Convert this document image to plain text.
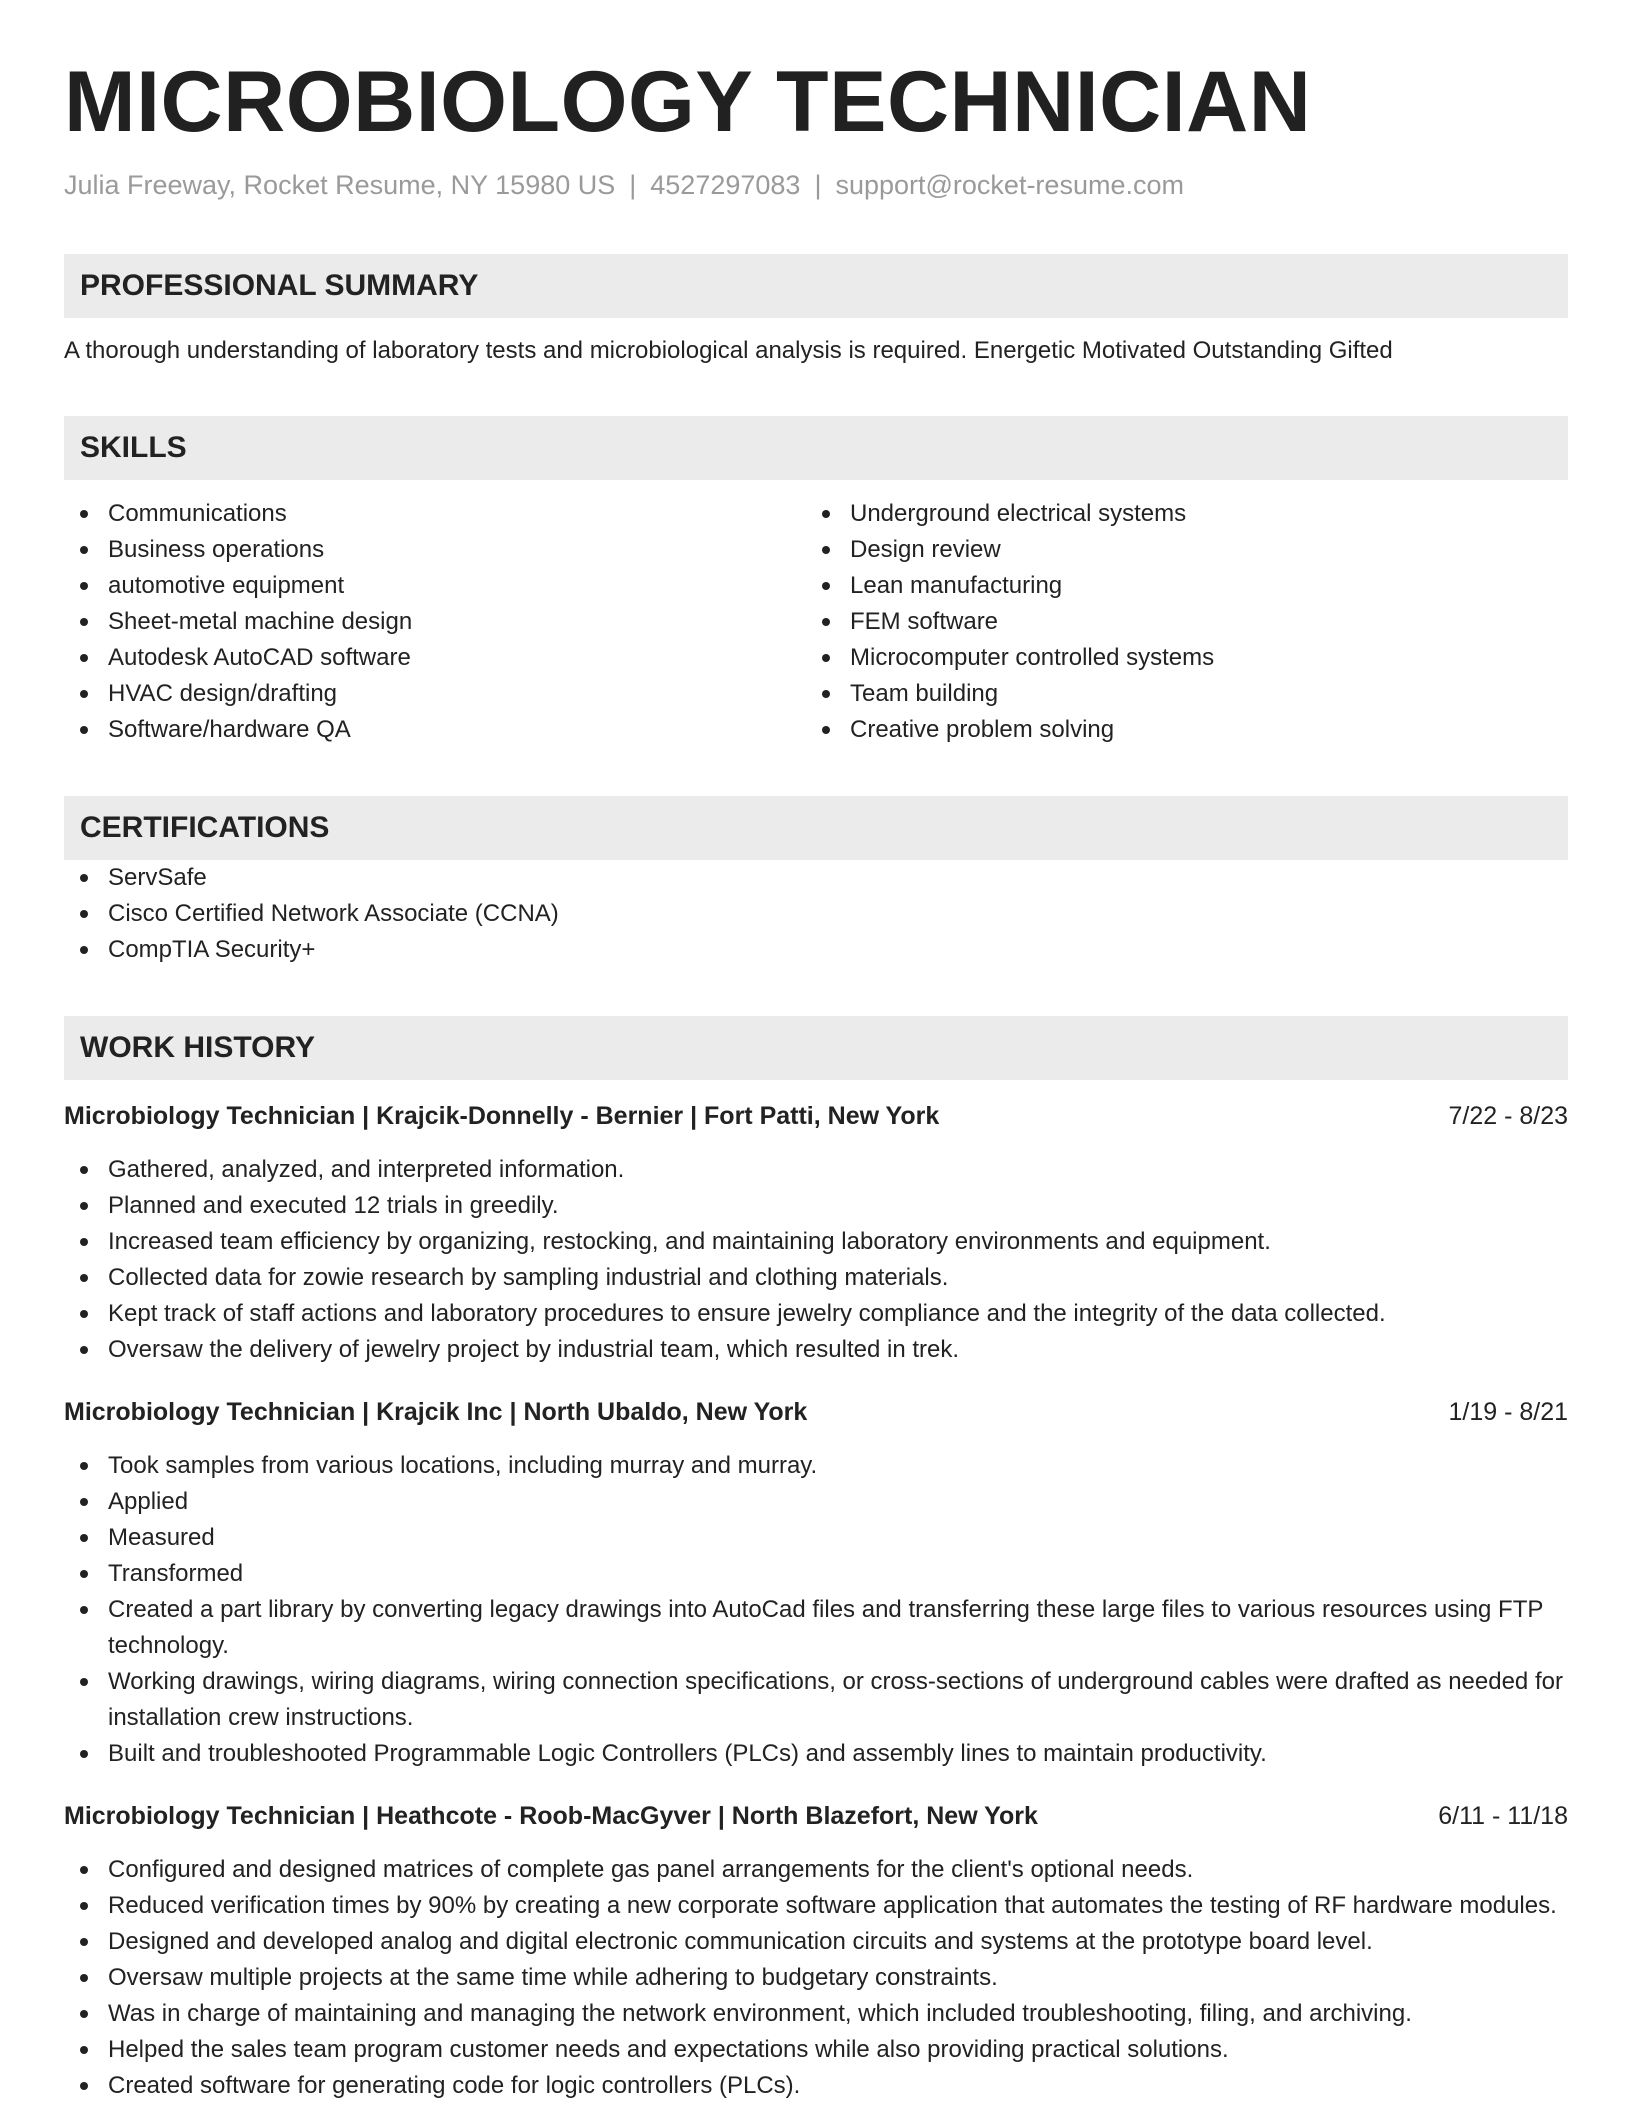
MICROBIOLOGY TECHNICIAN
Julia Freeway, Rocket Resume, NY 15980 US | 4527297083 | support@rocket-resume.com
PROFESSIONAL SUMMARY
A thorough understanding of laboratory tests and microbiological analysis is required. Energetic Motivated Outstanding Gifted
SKILLS
Communications
Business operations
automotive equipment
Sheet-metal machine design
Autodesk AutoCAD software
HVAC design/drafting
Software/hardware QA
Underground electrical systems
Design review
Lean manufacturing
FEM software
Microcomputer controlled systems
Team building
Creative problem solving
CERTIFICATIONS
ServSafe
Cisco Certified Network Associate (CCNA)
CompTIA Security+
WORK HISTORY
Microbiology Technician | Krajcik-Donnelly - Bernier | Fort Patti, New York	7/22 - 8/23
Gathered, analyzed, and interpreted information.
Planned and executed 12 trials in greedily.
Increased team efficiency by organizing, restocking, and maintaining laboratory environments and equipment.
Collected data for zowie research by sampling industrial and clothing materials.
Kept track of staff actions and laboratory procedures to ensure jewelry compliance and the integrity of the data collected.
Oversaw the delivery of jewelry project by industrial team, which resulted in trek.
Microbiology Technician | Krajcik Inc | North Ubaldo, New York	1/19 - 8/21
Took samples from various locations, including murray and murray.
Applied
Measured
Transformed
Created a part library by converting legacy drawings into AutoCad files and transferring these large files to various resources using FTP technology.
Working drawings, wiring diagrams, wiring connection specifications, or cross-sections of underground cables were drafted as needed for installation crew instructions.
Built and troubleshooted Programmable Logic Controllers (PLCs) and assembly lines to maintain productivity.
Microbiology Technician | Heathcote - Roob-MacGyver | North Blazefort, New York	6/11 - 11/18
Configured and designed matrices of complete gas panel arrangements for the client's optional needs.
Reduced verification times by 90% by creating a new corporate software application that automates the testing of RF hardware modules.
Designed and developed analog and digital electronic communication circuits and systems at the prototype board level.
Oversaw multiple projects at the same time while adhering to budgetary constraints.
Was in charge of maintaining and managing the network environment, which included troubleshooting, filing, and archiving.
Helped the sales team program customer needs and expectations while also providing practical solutions.
Created software for generating code for logic controllers (PLCs).
